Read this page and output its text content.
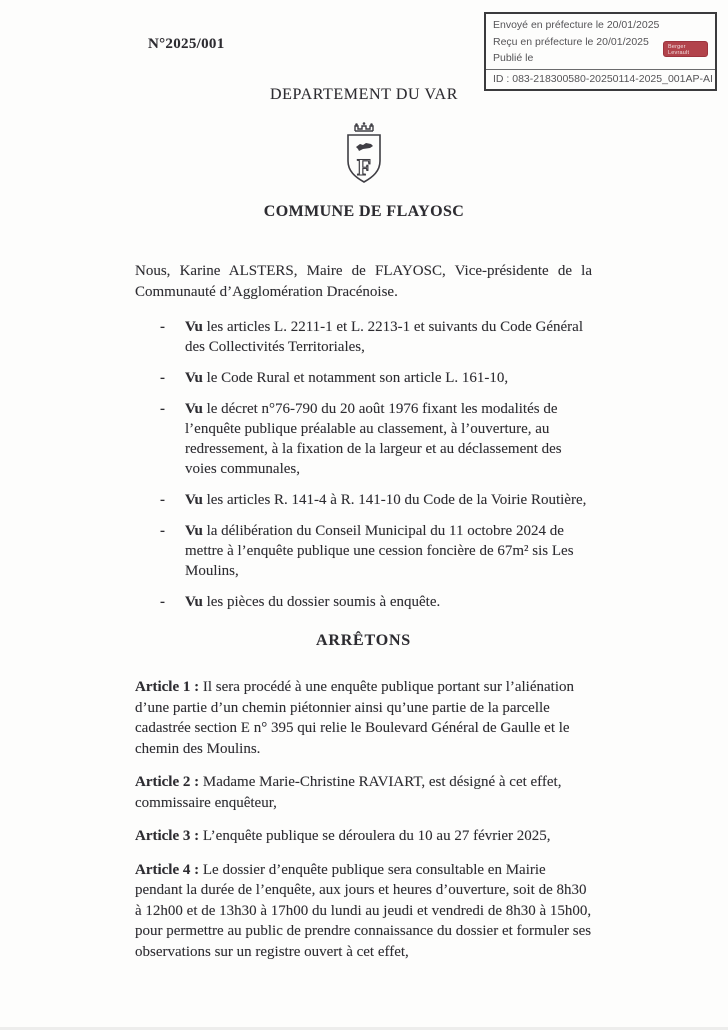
N°2025/001
Envoyé en préfecture le 20/01/2025
Reçu en préfecture le 20/01/2025
Publié le
ID : 083-218300580-20250114-2025_001AP-AI
Berger
Levrault
DEPARTEMENT DU VAR
F
COMMUNE DE FLAYOSC

Nous, Karine ALSTERS, Maire de FLAYOSC, Vice-présidente de la Communauté d’Agglomération Dracénoise.

-	Vu les articles L. 2211-1 et L. 2213-1 et suivants du Code Général des Collectivités Territoriales,
-	Vu le Code Rural et notamment son article L. 161-10,
-	Vu le décret n°76-790 du 20 août 1976 fixant les modalités de l’enquête publique préalable au classement, à l’ouverture, au redressement, à la fixation de la largeur et au déclassement des voies communales,
-	Vu les articles R. 141-4 à R. 141-10 du Code de la Voirie Routière,
-	Vu la délibération du Conseil Municipal du 11 octobre 2024 de mettre à l’enquête publique une cession foncière de 67m² sis Les Moulins,
-	Vu les pièces du dossier soumis à enquête.
ARRÊTONS

Article 1 : Il sera procédé à une enquête publique portant sur l’aliénation d’une partie d’un chemin piétonnier ainsi qu’une partie de la parcelle cadastrée section E n° 395 qui relie le Boulevard Général de Gaulle et le chemin des Moulins.

Article 2 : Madame Marie-Christine RAVIART, est désigné à cet effet, commissaire enquêteur,

Article 3 : L’enquête publique se déroulera du 10 au 27 février 2025,

Article 4 : Le dossier d’enquête publique sera consultable en Mairie pendant la durée de l’enquête, aux jours et heures d’ouverture, soit de 8h30 à 12h00 et de 13h30 à 17h00 du lundi au jeudi et vendredi de 8h30 à 15h00, pour permettre au public de prendre connaissance du dossier et formuler ses observations sur un registre ouvert à cet effet,
